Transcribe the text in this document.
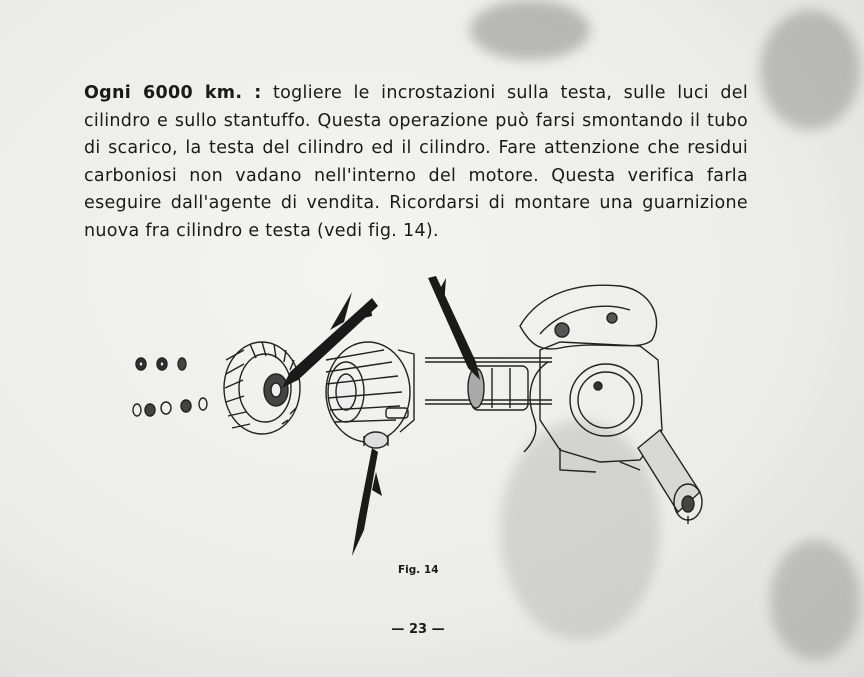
Ogni 6000 km. : togliere le incrostazioni sulla testa, sulle luci del cilindro e sullo stantuffo. Questa operazione può farsi smontando il tubo di scarico, la testa del cilindro ed il cilindro. Fare attenzione che residui carboniosi non vadano nell'interno del motore. Questa verifica farla eseguire dall'agente di vendita. Ricordarsi di montare una guarnizione nuova fra cilindro e testa (vedi fig. 14).
Fig. 14
— 23 —
